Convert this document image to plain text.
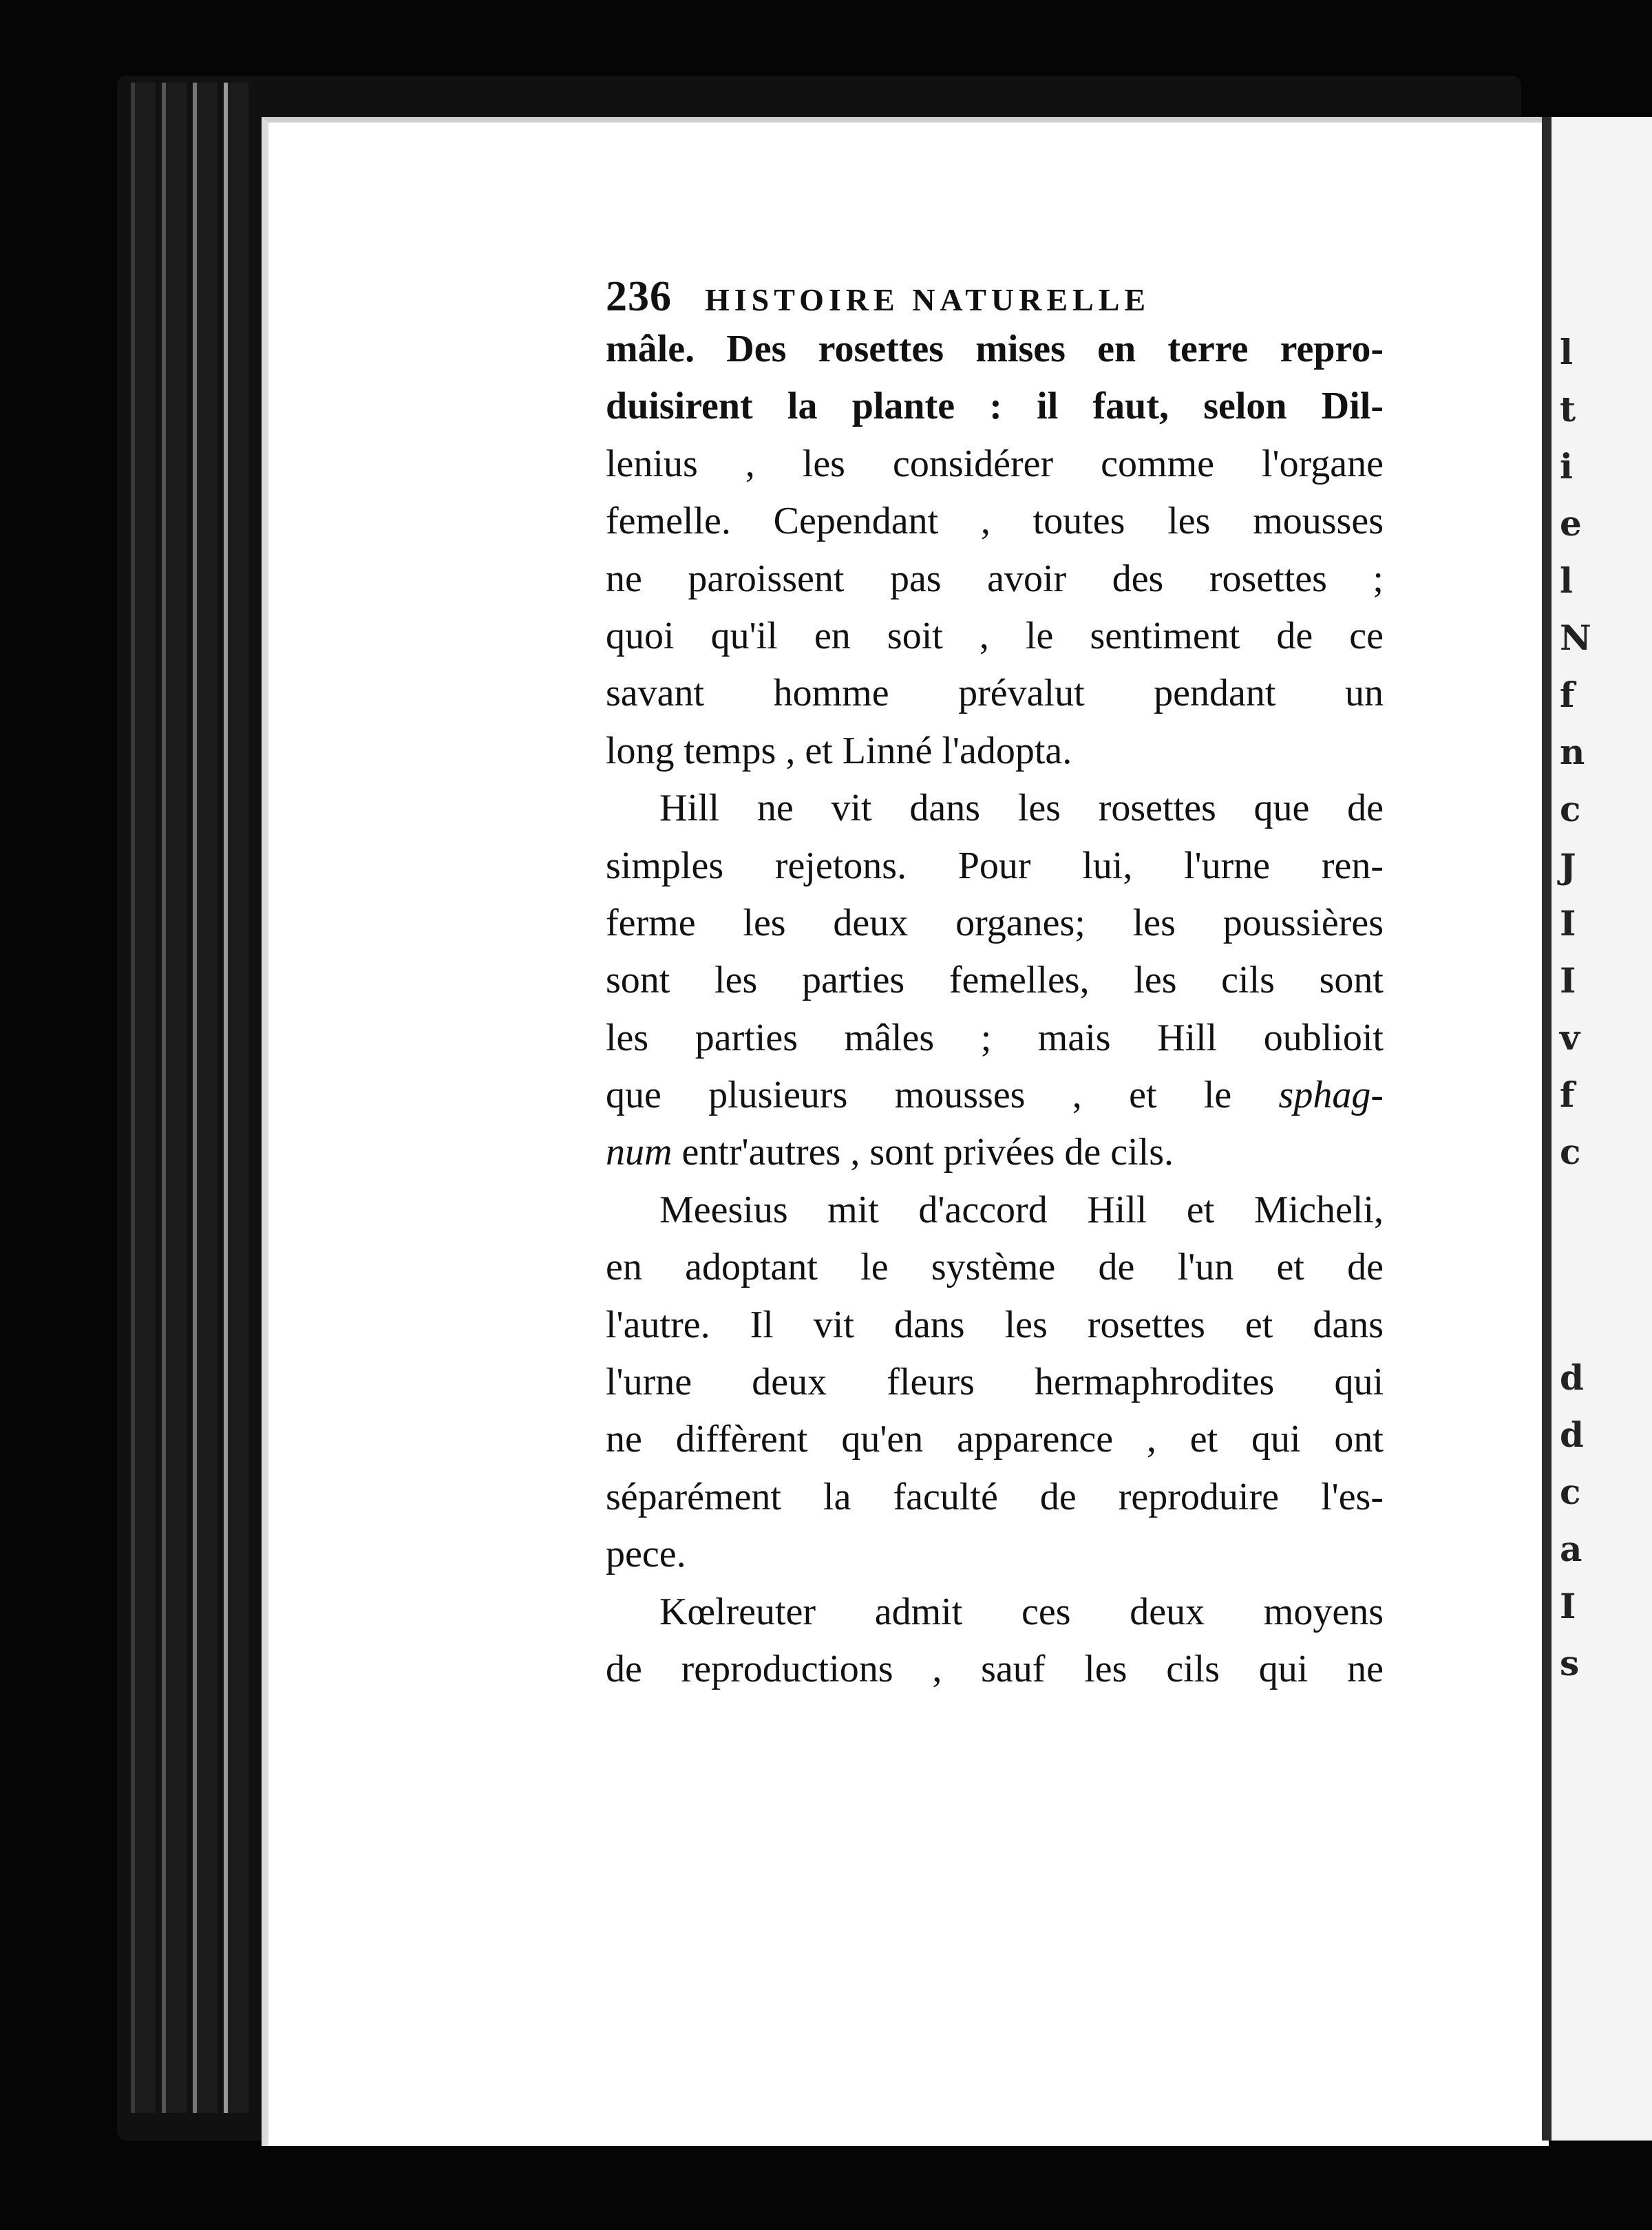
l
t
i
e
l
N
f
n
c
J
I
I
v
f
c
d
d
c
a
I
s
236 HISTOIRE NATURELLE
mâle. Des rosettes mises en terre repro-
duisirent la plante : il faut, selon Dil-
lenius , les considérer comme l'organe
femelle. Cependant , toutes les mousses
ne paroissent pas avoir des rosettes ;
quoi qu'il en soit , le sentiment de ce
savant homme prévalut pendant un
long temps , et Linné l'adopta.
Hill ne vit dans les rosettes que de
simples rejetons. Pour lui, l'urne ren-
ferme les deux organes; les poussières
sont les parties femelles, les cils sont
les parties mâles ; mais Hill oublioit
que plusieurs mousses , et le sphag-
num entr'autres , sont privées de cils.
Meesius mit d'accord Hill et Micheli,
en adoptant le système de l'un et de
l'autre. Il vit dans les rosettes et dans
l'urne deux fleurs hermaphrodites qui
ne diffèrent qu'en apparence , et qui ont
séparément la faculté de reproduire l'es-
pece.
Kœlreuter admit ces deux moyens
de reproductions , sauf les cils qui ne
